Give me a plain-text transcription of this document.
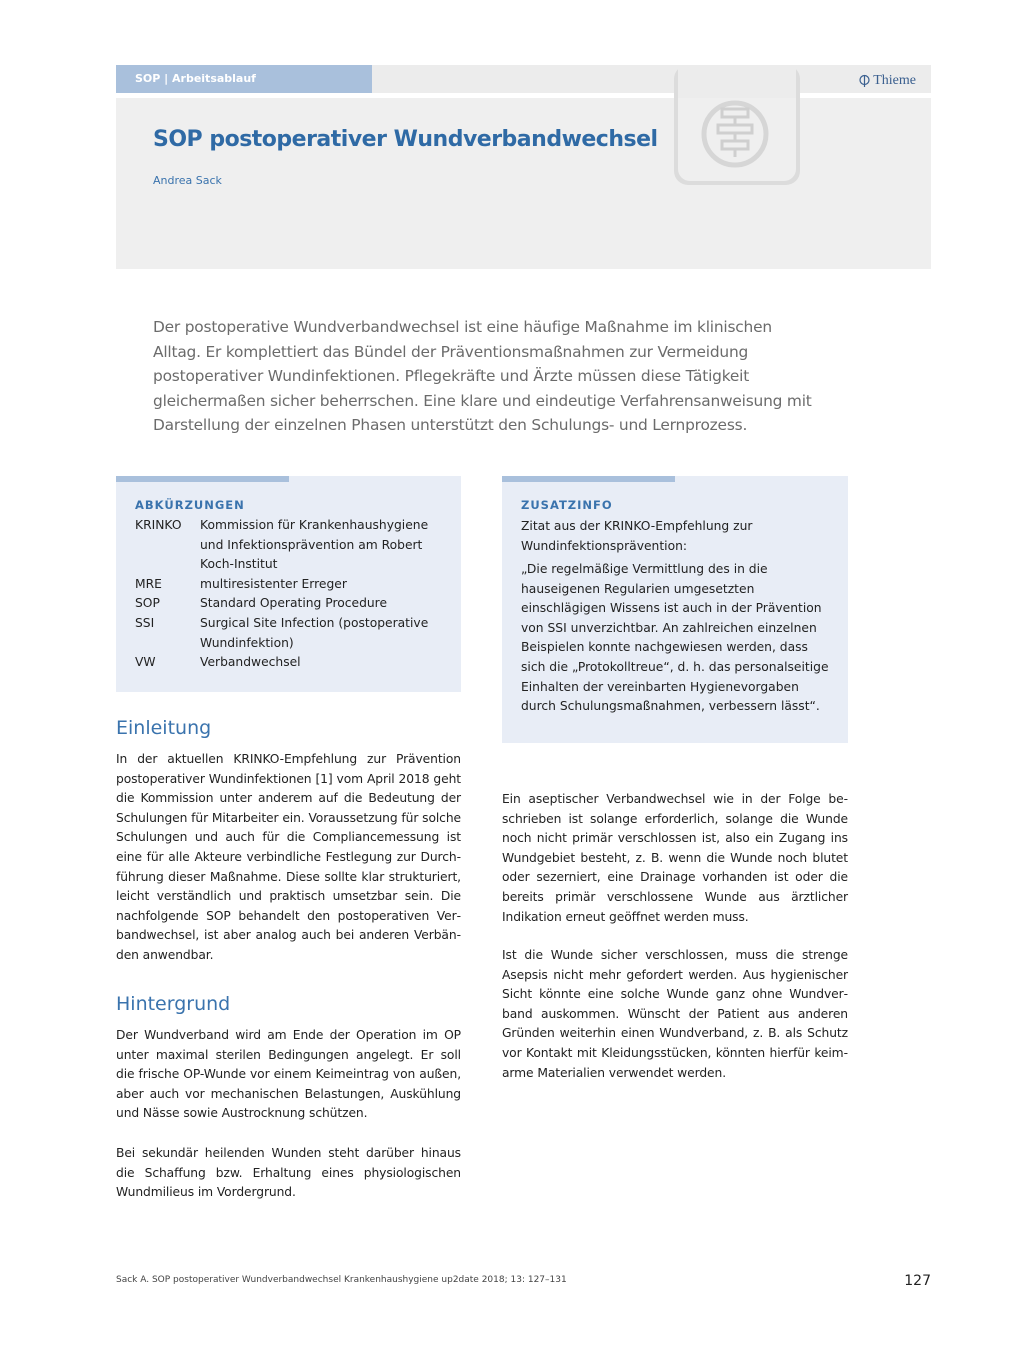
SOP | Arbeitsablauf	Thieme
SOP postoperativer Wundverbandwechsel
Andrea Sack

Der postoperative Wundverbandwechsel ist eine häufige Maßnahme im klinischen Alltag. Er komplettiert das Bündel der Präventionsmaßnahmen zur Vermeidung postoperativer Wundinfektionen. Pflegekräfte und Ärzte müssen diese Tätigkeit gleichermaßen sicher beherrschen. Eine klare und eindeutige Verfahrensanweisung mit Darstellung der einzelnen Phasen unterstützt den Schulungs- und Lernprozess.

ABKÜRZUNGEN
KRINKO	Kommission für Krankenhaushygiene und Infektionsprävention am Robert Koch-Institut
MRE	multiresistenter Erreger
SOP	Standard Operating Procedure
SSI	Surgical Site Infection (postoperative Wundinfektion)
VW	Verbandwechsel
ZUSATZINFO

Zitat aus der KRINKO-Empfehlung zur Wundinfektionsprävention:

„Die regelmäßige Vermittlung des in die hauseigenen Regularien umgesetzten einschlägigen Wissens ist auch in der Prävention von SSI unverzichtbar. An zahlreichen einzelnen Beispielen konnte nachgewiesen werden, dass sich die „Protokolltreue“, d. h. das personalseitige Einhalten der vereinbarten Hygienevorgaben durch Schulungsmaßnahmen, verbessern lässt“.

Einleitung

In der aktuellen KRINKO-Empfehlung zur Prävention postoperativer Wundinfektionen [1] vom April 2018 geht die Kommission unter anderem auf die Bedeutung der Schulungen für Mitarbeiter ein. Voraussetzung für solche Schulungen und auch für die Compliancemessung ist eine für alle Akteure verbindliche Festlegung zur Durchführung dieser Maßnahme. Diese sollte klar strukturiert, leicht verständlich und praktisch umsetzbar sein. Die nachfolgende SOP behandelt den postoperativen Verbandwechsel, ist aber analog auch bei anderen Verbänden anwendbar.

Hintergrund

Der Wundverband wird am Ende der Operation im OP unter maximal sterilen Bedingungen angelegt. Er soll die frische OP-Wunde vor einem Keimeintrag von außen, aber auch vor mechanischen Belastungen, Auskühlung und Nässe sowie Austrocknung schützen.

Bei sekundär heilenden Wunden steht darüber hinaus die Schaffung bzw. Erhaltung eines physiologischen Wundmilieus im Vordergrund.

Ein aseptischer Verbandwechsel wie in der Folge beschrieben ist solange erforderlich, solange die Wunde noch nicht primär verschlossen ist, also ein Zugang ins Wundgebiet besteht, z. B. wenn die Wunde noch blutet oder sezerniert, eine Drainage vorhanden ist oder die bereits primär verschlossene Wunde aus ärztlicher Indikation erneut geöffnet werden muss.

Ist die Wunde sicher verschlossen, muss die strenge Asepsis nicht mehr gefordert werden. Aus hygienischer Sicht könnte eine solche Wunde ganz ohne Wundverband auskommen. Wünscht der Patient aus anderen Gründen weiterhin einen Wundverband, z. B. als Schutz vor Kontakt mit Kleidungsstücken, könnten hierfür keimarme Materialien verwendet werden.

Sack A. SOP postoperativer Wundverbandwechsel Krankenhaushygiene up2date 2018; 13: 127–131	127
